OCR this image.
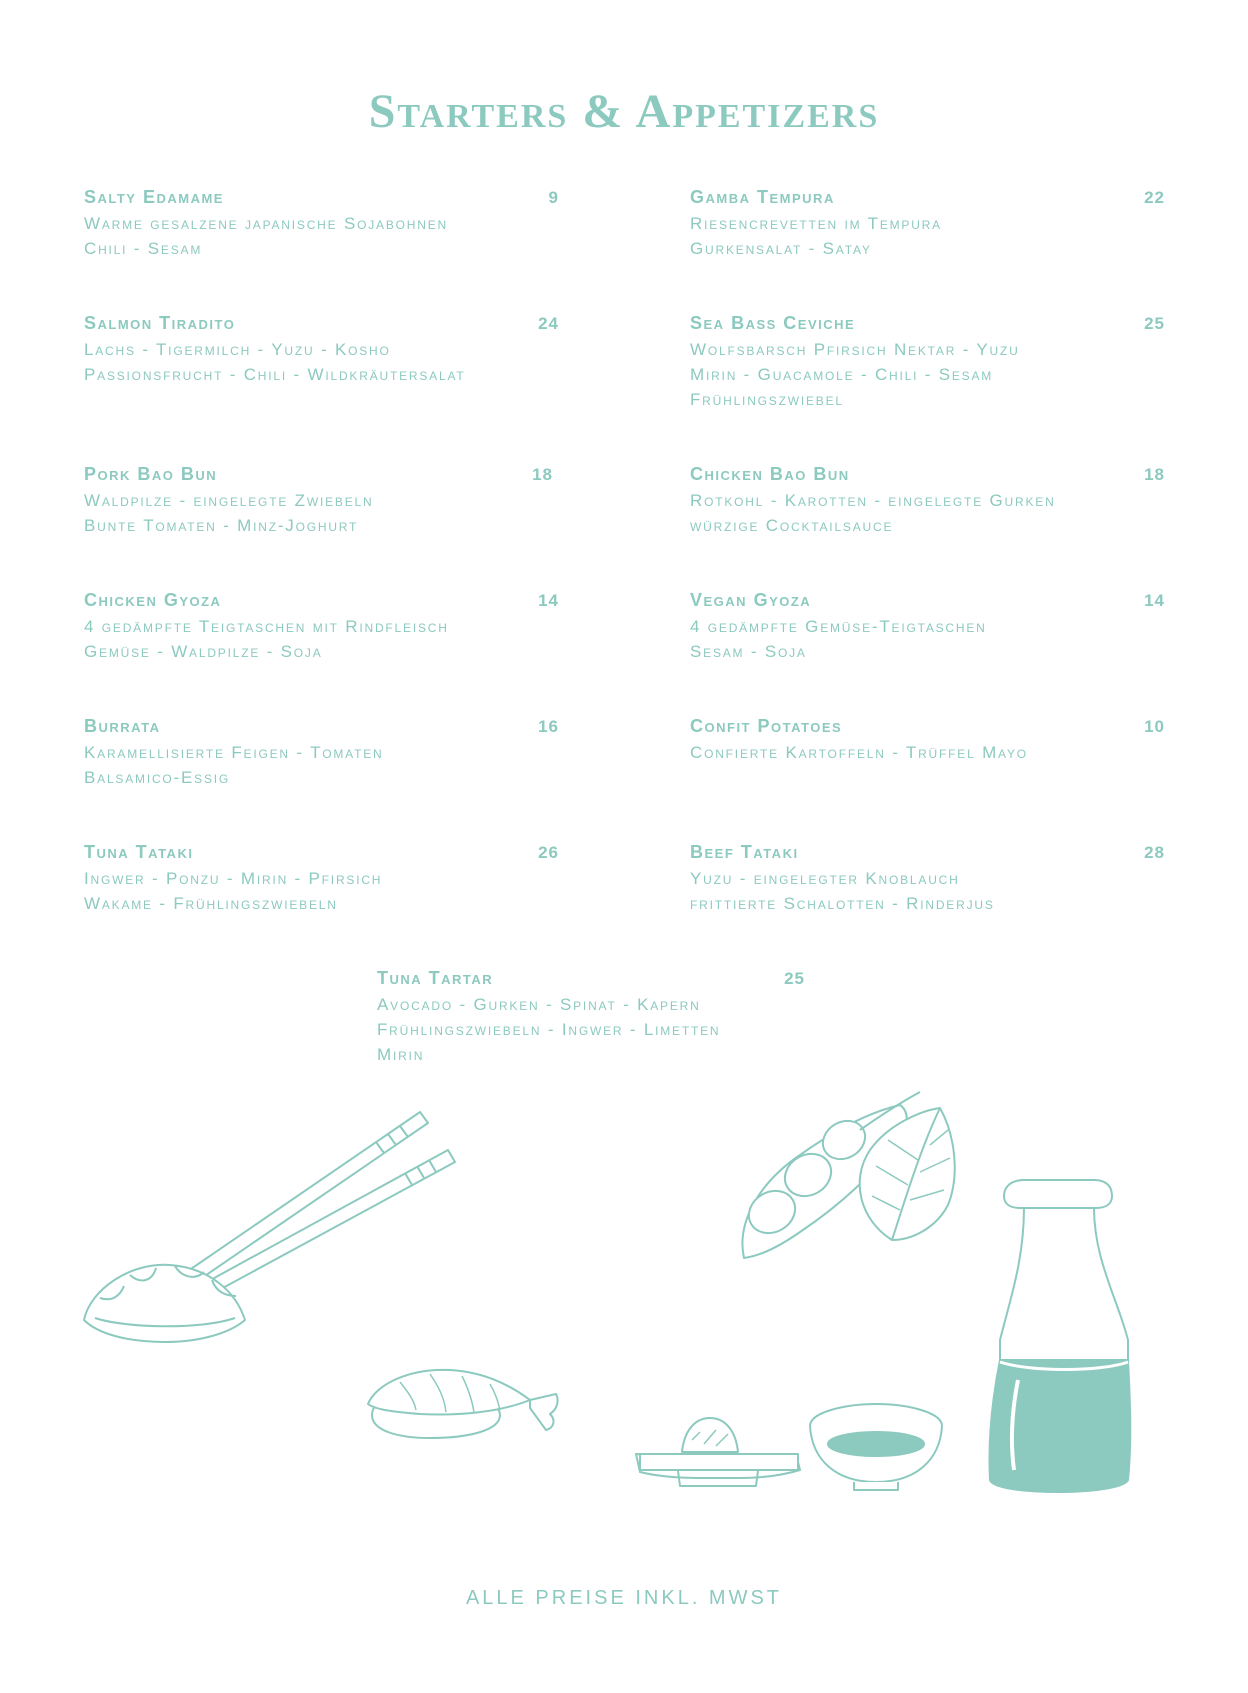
Starters & Appetizers
Salty Edamame	9
Warme gesalzene japanische Sojabohnen
Chili - Sesam
Gamba Tempura	22
Riesencrevetten im Tempura
Gurkensalat - Satay
Salmon Tiradito	24
Lachs - Tigermilch - Yuzu - Kosho
Passionsfrucht - Chili - Wildkräutersalat
Sea Bass Ceviche	25
Wolfsbarsch Pfirsich Nektar - Yuzu
Mirin - Guacamole - Chili - Sesam
Frühlingszwiebel
Pork Bao Bun	18
Waldpilze - eingelegte Zwiebeln
Bunte Tomaten - Minz-Joghurt
Chicken Bao Bun	18
Rotkohl - Karotten - eingelegte Gurken
würzige Cocktailsauce
Chicken Gyoza	14
4 gedämpfte Teigtaschen mit Rindfleisch
Gemüse - Waldpilze - Soja
Vegan Gyoza	14
4 gedämpfte Gemüse-Teigtaschen
Sesam - Soja
Burrata	16
Karamellisierte Feigen - Tomaten
Balsamico-Essig
Confit Potatoes	10
Confierte Kartoffeln - Trüffel Mayo
Tuna Tataki	26
Ingwer - Ponzu - Mirin - Pfirsich
Wakame - Frühlingszwiebeln
Beef Tataki	28
Yuzu - eingelegter Knoblauch
frittierte Schalotten - Rinderjus
Tuna Tartar	25
Avocado - Gurken - Spinat - Kapern
Frühlingszwiebeln - Ingwer - Limetten
Mirin
ALLE PREISE INKL. MWST
